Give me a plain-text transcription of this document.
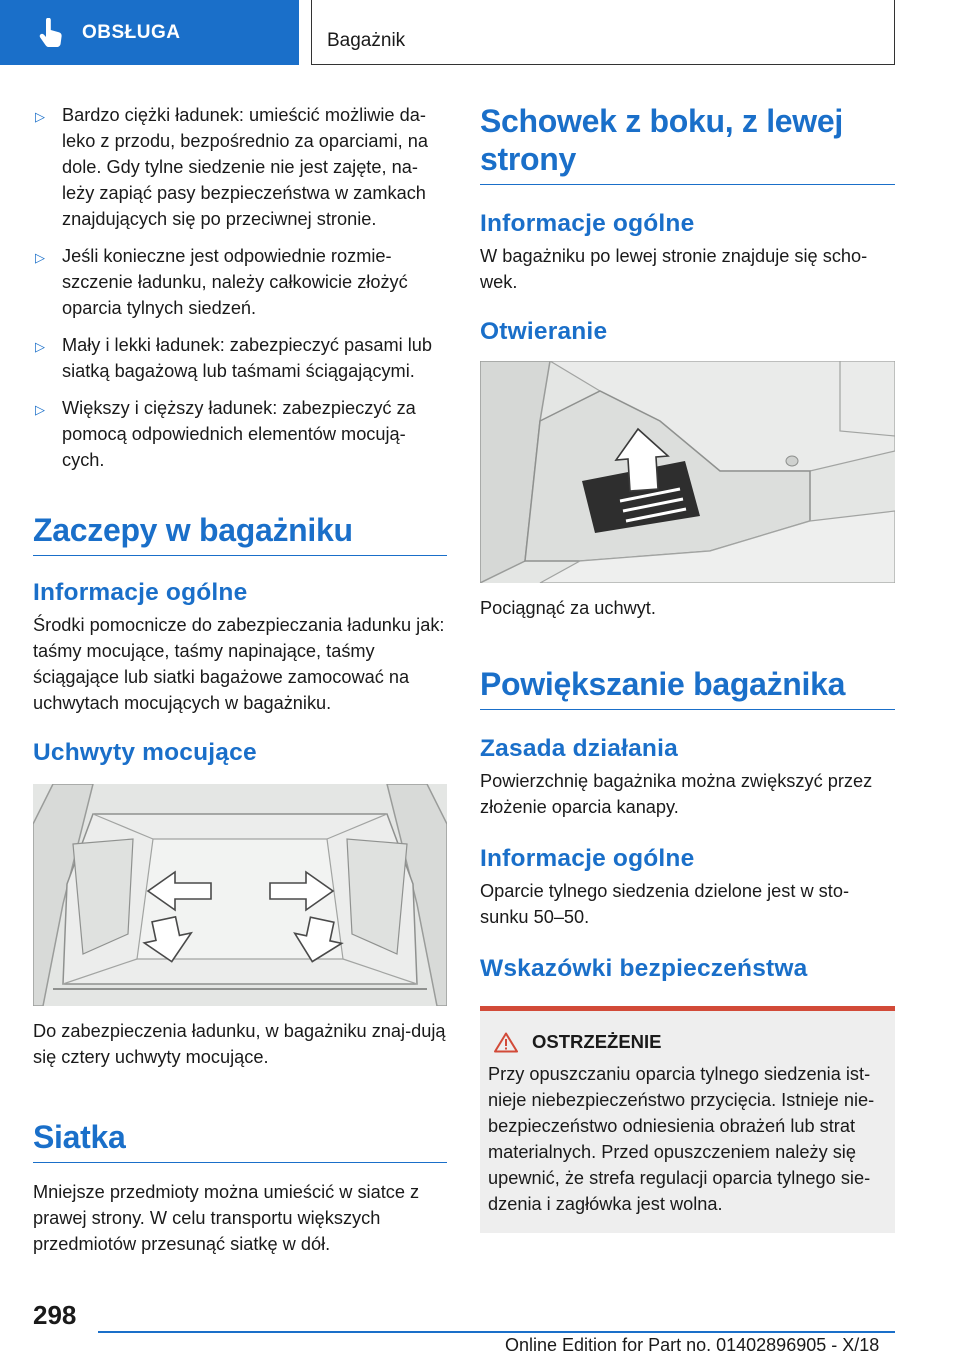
OBSŁUGA	Bagażnik
▷ Bardzo ciężki ładunek: umieścić możliwie da-leko z przodu, bezpośrednio za oparciami, na dole. Gdy tylne siedzenie nie jest zajęte, na-leży zapiąć pasy bezpieczeństwa w zamkach znajdujących się po przeciwnej stronie.
▷ Jeśli konieczne jest odpowiednie rozmie-szczenie ładunku, należy całkowicie złożyć oparcia tylnych siedzeń.
▷ Mały i lekki ładunek: zabezpieczyć pasami lub siatką bagażową lub taśmami ściągającymi.
▷ Większy i cięższy ładunek: zabezpieczyć za pomocą odpowiednich elementów mocują-cych.
Zaczepy w bagażniku
Informacje ogólne

Środki pomocnicze do zabezpieczania ładunku jak: taśmy mocujące, taśmy napinające, taśmy ściągające lub siatki bagażowe zamocować na uchwytach mocujących w bagażniku.

Uchwyty mocujące

Do zabezpieczenia ładunku, w bagażniku znaj-dują się cztery uchwyty mocujące.

Siatka

Mniejsze przedmioty można umieścić w siatce z prawej strony. W celu transportu większych przedmiotów przesunąć siatkę w dół.

Schowek z boku, z lewej strony
Informacje ogólne

W bagażniku po lewej stronie znajduje się scho-wek.

Otwieranie

Pociągnąć za uchwyt.

Powiększanie bagażnika
Zasada działania

Powierzchnię bagażnika można zwiększyć przez złożenie oparcia kanapy.

Informacje ogólne

Oparcie tylnego siedzenia dzielone jest w sto-sunku 50–50.

Wskazówki bezpieczeństwa
OSTRZEŻENIE

Przy opuszczaniu oparcia tylnego siedzenia ist-nieje niebezpieczeństwo przycięcia. Istnieje nie-bezpieczeństwo odniesienia obrażeń lub strat materialnych. Przed opuszczeniem należy się upewnić, że strefa regulacji oparcia tylnego sie-dzenia i zagłówka jest wolna.

298
Online Edition for Part no. 01402896905 - X/18
